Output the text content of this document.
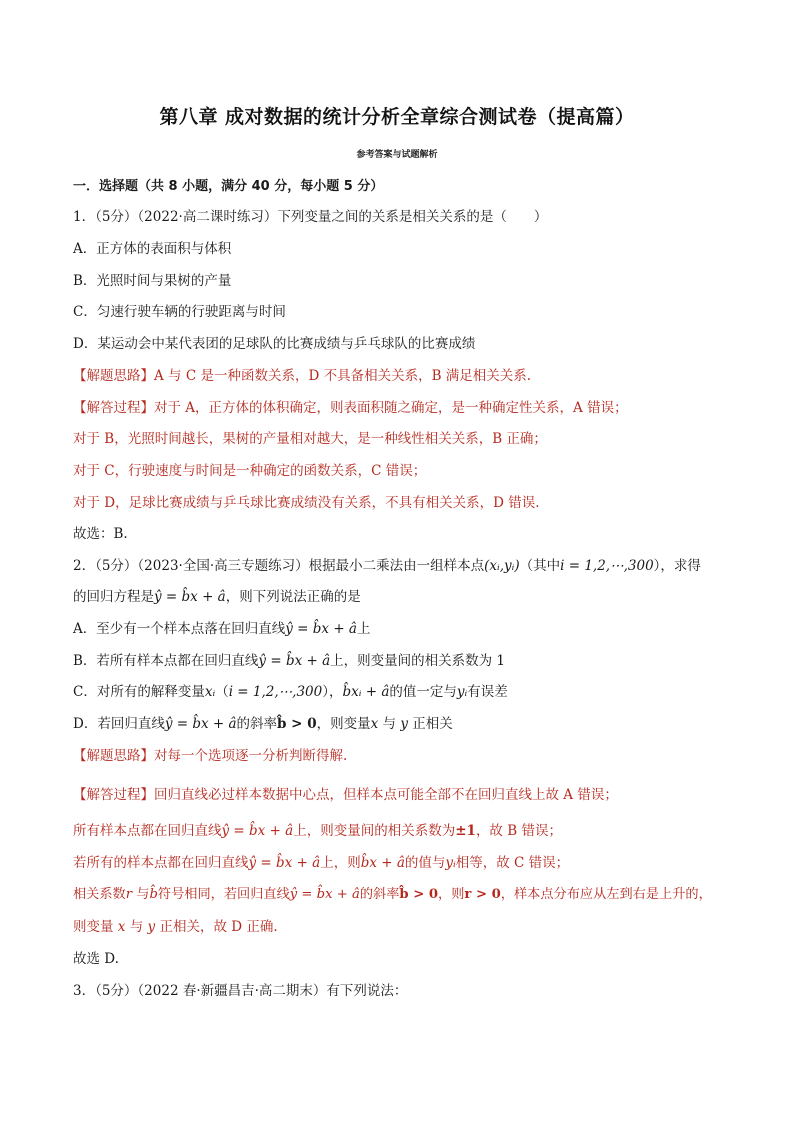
第八章 成对数据的统计分析全章综合测试卷（提高篇）
参考答案与试题解析
一．选择题（共 8 小题，满分 40 分，每小题 5 分）
1．（5分）（2022·高二课时练习）下列变量之间的关系是相关关系的是（　　）
A．正方体的表面积与体积
B．光照时间与果树的产量
C．匀速行驶车辆的行驶距离与时间
D．某运动会中某代表团的足球队的比赛成绩与乒乓球队的比赛成绩
【解题思路】A 与 C 是一种函数关系，D 不具备相关关系，B 满足相关关系.
【解答过程】对于 A，正方体的体积确定，则表面积随之确定，是一种确定性关系，A 错误；
对于 B，光照时间越长，果树的产量相对越大，是一种线性相关关系，B 正确；
对于 C，行驶速度与时间是一种确定的函数关系，C 错误；
对于 D，足球比赛成绩与乒乓球比赛成绩没有关系，不具有相关关系，D 错误.
故选：B.
2．（5分）（2023·全国·高三专题练习）根据最小二乘法由一组样本点(xᵢ,yᵢ)（其中i = 1,2,⋯,300），求得
的回归方程是ŷ = b̂x + â，则下列说法正确的是
A．至少有一个样本点落在回归直线ŷ = b̂x + â上
B．若所有样本点都在回归直线ŷ = b̂x + â上，则变量间的相关系数为 1
C．对所有的解释变量xᵢ（i = 1,2,⋯,300），b̂xᵢ + â的值一定与yᵢ有误差
D．若回归直线ŷ = b̂x + â的斜率b̂ > 0，则变量x 与 y 正相关
【解题思路】对每一个选项逐一分析判断得解.
【解答过程】回归直线必过样本数据中心点，但样本点可能全部不在回归直线上故 A 错误；
所有样本点都在回归直线ŷ = b̂x + â上，则变量间的相关系数为±1，故 B 错误；
若所有的样本点都在回归直线ŷ = b̂x + â上，则b̂x + â的值与yᵢ相等，故 C 错误；
相关系数r 与b̂符号相同，若回归直线ŷ = b̂x + â的斜率b̂ > 0，则r > 0，样本点分布应从左到右是上升的，
则变量 x 与 y 正相关，故 D 正确.
故选 D.
3．（5分）（2022 春·新疆昌吉·高二期末）有下列说法：
